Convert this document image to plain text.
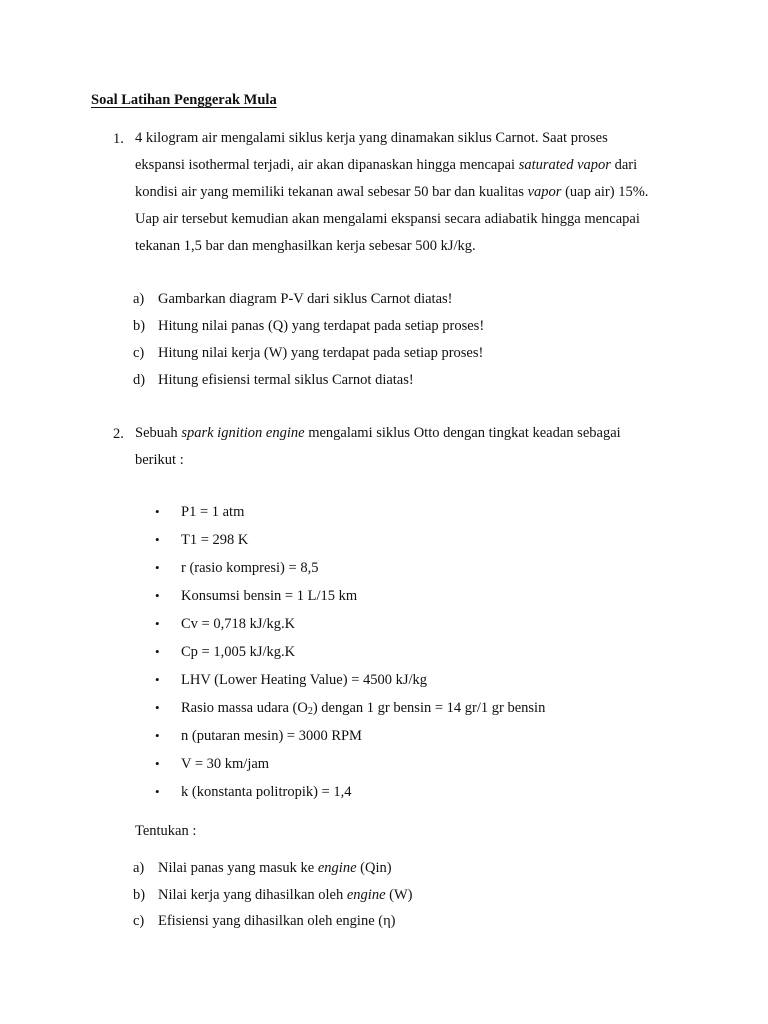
Soal Latihan Penggerak Mula
1. 4 kilogram air mengalami siklus kerja yang dinamakan siklus Carnot. Saat proses
ekspansi isothermal terjadi, air akan dipanaskan hingga mencapai saturated vapor dari
kondisi air yang memiliki tekanan awal sebesar 50 bar dan kualitas vapor (uap air) 15%.
Uap air tersebut kemudian akan mengalami ekspansi secara adiabatik hingga mencapai
tekanan 1,5 bar dan menghasilkan kerja sebesar 500 kJ/kg.
a) Gambarkan diagram P-V dari siklus Carnot diatas!
b) Hitung nilai panas (Q) yang terdapat pada setiap proses!
c) Hitung nilai kerja (W) yang terdapat pada setiap proses!
d) Hitung efisiensi termal siklus Carnot diatas!
2. Sebuah spark ignition engine mengalami siklus Otto dengan tingkat keadan sebagai
berikut :
•	P1 = 1 atm
•	T1 = 298 K
•	r (rasio kompresi) = 8,5
•	Konsumsi bensin = 1 L/15 km
•	Cv = 0,718 kJ/kg.K
•	Cp = 1,005 kJ/kg.K
•	LHV (Lower Heating Value) = 4500 kJ/kg
•	Rasio massa udara $(O_2)$ dengan 1 gr bensin = 14 gr/1 gr bensin
•	n (putaran mesin) = 3000 RPM
•	V = 30 km/jam
•	k (konstanta politropik) = 1,4
Tentukan :
a) Nilai panas yang masuk ke engine (Qin)
b) Nilai kerja yang dihasilkan oleh engine (W)
c) Efisiensi yang dihasilkan oleh engine (η)
